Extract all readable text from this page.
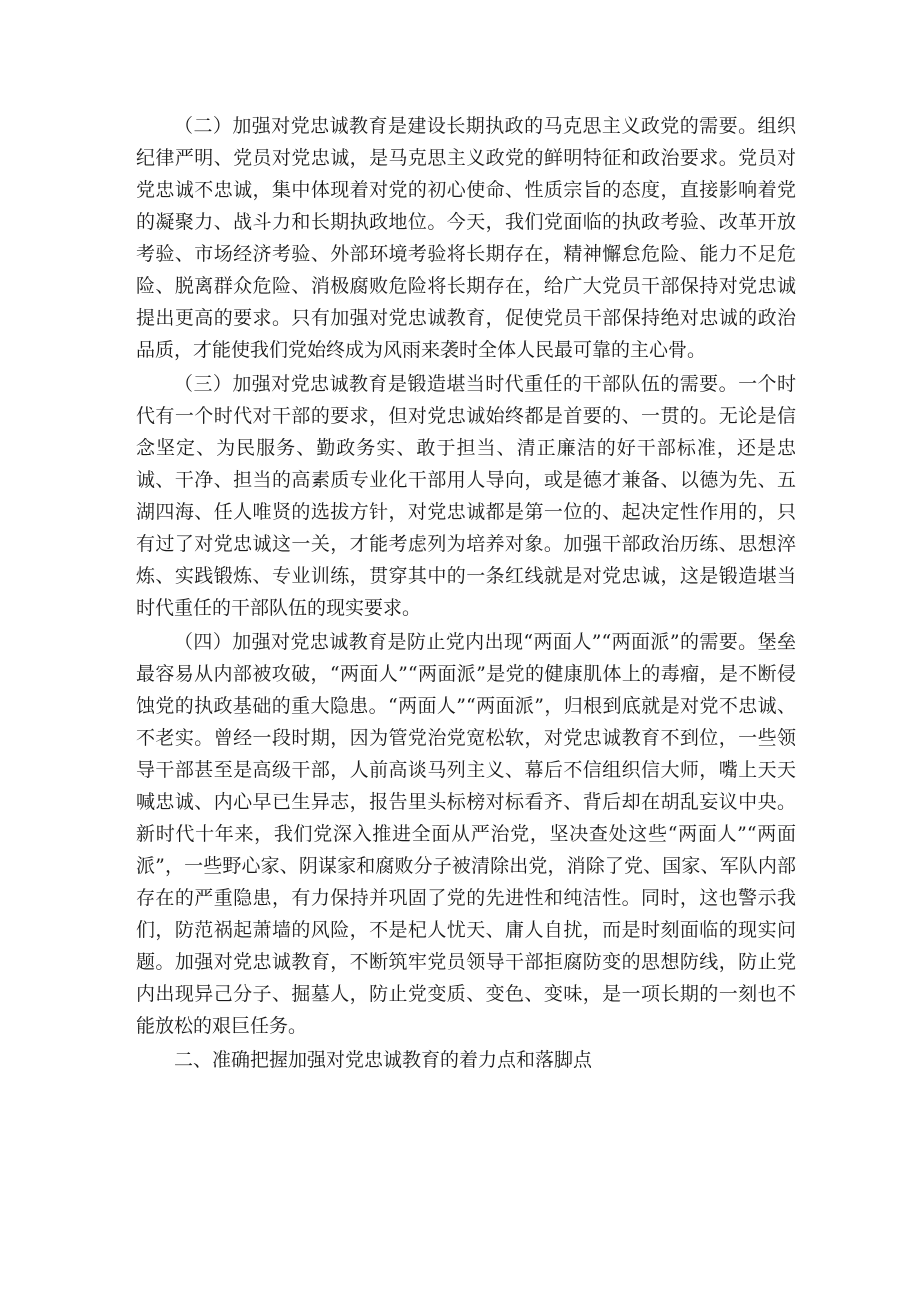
（二）加强对党忠诚教育是建设长期执政的马克思主义政党的需要。组织纪律严明、党员对党忠诚，是马克思主义政党的鲜明特征和政治要求。党员对党忠诚不忠诚，集中体现着对党的初心使命、性质宗旨的态度，直接影响着党的凝聚力、战斗力和长期执政地位。今天，我们党面临的执政考验、改革开放考验、市场经济考验、外部环境考验将长期存在，精神懈怠危险、能力不足危险、脱离群众危险、消极腐败危险将长期存在，给广大党员干部保持对党忠诚提出更高的要求。只有加强对党忠诚教育，促使党员干部保持绝对忠诚的政治品质，才能使我们党始终成为风雨来袭时全体人民最可靠的主心骨。

（三）加强对党忠诚教育是锻造堪当时代重任的干部队伍的需要。一个时代有一个时代对干部的要求，但对党忠诚始终都是首要的、一贯的。无论是信念坚定、为民服务、勤政务实、敢于担当、清正廉洁的好干部标准，还是忠诚、干净、担当的高素质专业化干部用人导向，或是德才兼备、以德为先、五湖四海、任人唯贤的选拔方针，对党忠诚都是第一位的、起决定性作用的，只有过了对党忠诚这一关，才能考虑列为培养对象。加强干部政治历练、思想淬炼、实践锻炼、专业训练，贯穿其中的一条红线就是对党忠诚，这是锻造堪当时代重任的干部队伍的现实要求。

（四）加强对党忠诚教育是防止党内出现“两面人”“两面派”的需要。堡垒最容易从内部被攻破，“两面人”“两面派”是党的健康肌体上的毒瘤，是不断侵蚀党的执政基础的重大隐患。“两面人”“两面派”，归根到底就是对党不忠诚、不老实。曾经一段时期，因为管党治党宽松软，对党忠诚教育不到位，一些领导干部甚至是高级干部，人前高谈马列主义、幕后不信组织信大师，嘴上天天喊忠诚、内心早已生异志，报告里头标榜对标看齐、背后却在胡乱妄议中央。新时代十年来，我们党深入推进全面从严治党，坚决查处这些“两面人”“两面派”，一些野心家、阴谋家和腐败分子被清除出党，消除了党、国家、军队内部存在的严重隐患，有力保持并巩固了党的先进性和纯洁性。同时，这也警示我们，防范祸起萧墙的风险，不是杞人忧天、庸人自扰，而是时刻面临的现实问题。加强对党忠诚教育，不断筑牢党员领导干部拒腐防变的思想防线，防止党内出现异己分子、掘墓人，防止党变质、变色、变味，是一项长期的一刻也不能放松的艰巨任务。

二、准确把握加强对党忠诚教育的着力点和落脚点
